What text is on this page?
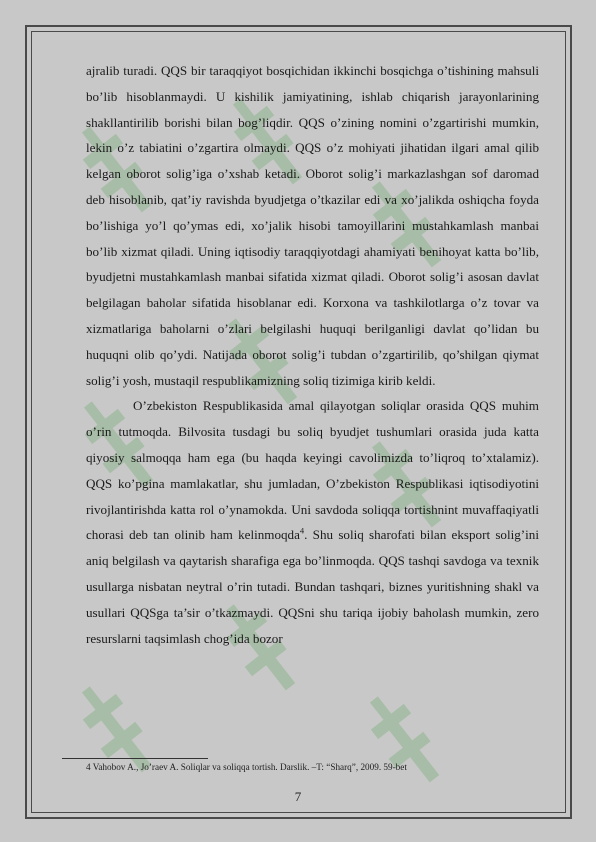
ajralib turadi. QQS bir taraqqiyot bosqichidan ikkinchi bosqichga o’tishining mahsuli bo’lib hisoblanmaydi. U kishilik jamiyatining, ishlab chiqarish jarayonlarining shakllantirilib borishi bilan bog’liqdir. QQS o’zining nomini o’zgartirishi mumkin, lekin o’z tabiatini o’zgartira olmaydi. QQS o’z mohiyati jihatidan ilgari amal qilib kelgan oborot solig’iga o’xshab ketadi. Oborot solig’i markazlashgan sof daromad deb hisoblanib, qat’iy ravishda byudjetga o’tkazilar edi va xo’jalikda oshiqcha foyda bo’lishiga yo’l qo’ymas edi, xo’jalik hisobi tamoyillarini mustahkamlash manbai bo’lib xizmat qiladi. Uning iqtisodiy taraqqiyotdagi ahamiyati benihoyat katta bo’lib, byudjetni mustahkamlash manbai sifatida xizmat qiladi. Oborot solig’i asosan davlat belgilagan baholar sifatida hisoblanar edi. Korxona va tashkilotlarga o’z tovar va xizmatlariga baholarni o’zlari belgilashi huquqi berilganligi davlat qo’lidan bu huquqni olib qo’ydi. Natijada oborot solig’i tubdan o’zgartirilib, qo’shilgan qiymat solig’i yosh, mustaqil respublikamizning soliq tizimiga kirib keldi.

O’zbekiston Respublikasida amal qilayotgan soliqlar orasida QQS muhim o’rin tutmoqda. Bilvosita tusdagi bu soliq byudjet tushumlari orasida juda katta qiyosiy salmoqqa ham ega (bu haqda keyingi cavolimizda to’liqroq to’xtalamiz). QQS ko’pgina mamlakatlar, shu jumladan, O’zbekiston Respublikasi iqtisodiyotini rivojlantirishda katta rol o’ynamokda. Uni savdoda soliqqa tortishnint muvaffaqiyatli chorasi deb tan olinib ham kelinmoqda$^4$. Shu soliq sharofati bilan eksport solig’ini aniq belgilash va qaytarish sharafiga ega bo’linmoqda. QQS tashqi savdoga va texnik usullarga nisbatan neytral o’rin tutadi. Bundan tashqari, biznes yuritishning shakl va usullari QQSga ta’sir o’tkazmaydi. QQSni shu tariqa ijobiy baholash mumkin, zero resurslarni taqsimlash chog’ida bozor

4 Vahobov A., Jo’raev A. Soliqlar va soliqqa tortish. Darslik. –T: “Sharq”, 2009. 59-bet
7
